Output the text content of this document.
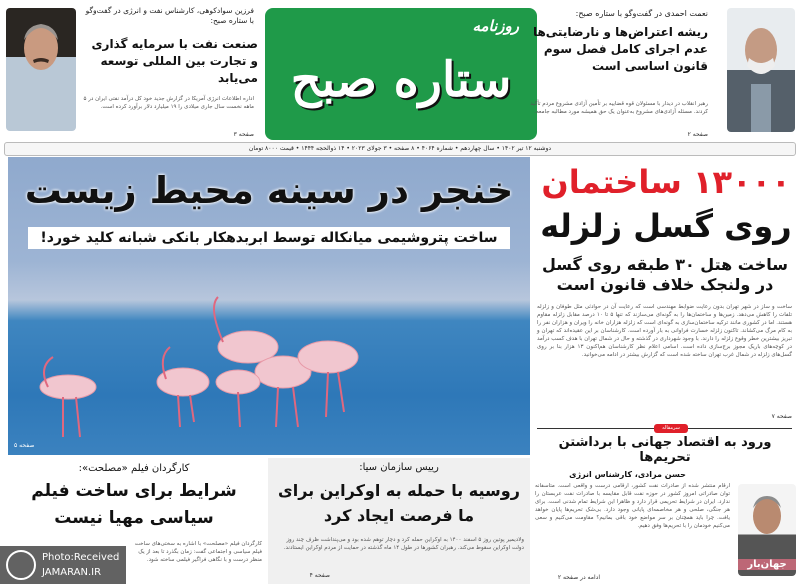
فرزین سوادکوهی، کارشناس نفت و انرژی در گفت‌وگو با ستاره صبح:
صنعت نفت با سرمایه گذاری و تجارت بین المللی توسعه می‌یابد
اداره اطلاعات انرژی آمریکا در گزارش جدید خود کل درآمد نفتی ایران در ۵ ماهه نخست سال جاری میلادی را ۱۹ میلیارد دلار برآورد کرده است.
صفحه ۳
روزنامه
ستاره صبح
نعمت احمدی در گفت‌وگو با ستاره صبح:
ریشه اعتراض‌ها و نارضایتی‌ها عدم اجرای کامل فصل سوم قانون اساسی است
رهبر انقلاب در دیدار با مسئولان قوه قضاییه بر تأمین آزادی مشروع مردم تأکید کردند. مسئله آزادی‌های مشروع به‌عنوان یک حق همیشه مورد مطالبه جامعه.
صفحه ۲
دوشنبه ۱۲ تیر ۱۴۰۲ • سال چهاردهم • شماره ۴۰۶۴ • ۸ صفحه • ۳ جولای ۲۰۲۳ • ۱۴ ذوالحجه ۱۴۴۴ • قیمت ۸۰۰۰ تومان
خنجر در سینه محیط زیست
ساخت پتروشیمی میانکاله توسط ابربدهکار بانکی شبانه کلید خورد!
صفحه ۵
۱۳۰۰۰ ساختمان
روی گسل زلزله
ساخت هتل ۳۰ طبقه روی گسل در ولنجک خلاف قانون است
ساخت و ساز در شهر تهران بدون رعایت ضوابط مهندسی است که رعایت آن در حوادثی مثل طوفان و زلزله تلفات را کاهش می‌دهد. زمین‌ها و ساختمان‌ها را به گونه‌ای می‌سازند که تنها ۵ تا ۱۰ درصد مقابل زلزله مقاوم هستند. اما در کشوری مانند ترکیه ساختمان‌سازی به گونه‌ای است که زلزله هزاران خانه را ویران و هزاران نفر را به کام مرگ می‌کشاند. تاکنون زلزله خسارت فراوانی به بار آورده است. کارشناسان بر این عقیده‌اند که تهران و تبریز بیشترین خطر وقوع زلزله را دارند. با وجود شهرداری در گذشته و حال در شمال تهران با هدف کسب درآمد در کوچه‌های باریک مجوز برج‌سازی داده است. اسامی اعلام نظر کارشناسان هم‌اکنون ۱۳ هزار بنا بر روی گسل‌های زلزله در شمال غرب تهران ساخته شده است که گزارش بیشتر در ادامه می‌خوانید.
صفحه ۷
سرمقاله
ورود به اقتصاد جهانی با برداشتن تحریم‌ها
حسن مرادی، کارشناس انرژی
ارقام منتشر شده از صادرات نفت کشور، ارقامی درست و واقعی است. متاسفانه توان صادراتی امروز کشور در حوزه نفت قابل مقایسه با صادرات نفت عربستان را ندارد. ایران در شرایط تحریمی قرار دارد و ظاهرا این شرایط تمام شدنی است. برای هر جنگی، صلحی و هر مخاصمه‌ای پایانی وجود دارد. بی‌شک تحریم‌ها پایان خواهد یافت. چرا باید همچنان بر سر مواضع خود باقی بمانیم؟ مقاومت می‌کنیم و سعی می‌کنیم خودمان را با تحریم‌ها وفق دهیم.
ادامه در صفحه ۲
جهان‌بار
رییس سازمان سیا:
روسیه با حمله به اوکراین برای ما فرصت ایجاد کرد
ولادیمیر پوتین روز ۵ اسفند ۱۴۰۰ به اوکراین حمله کرد و دچار توهم شده بود و می‌پنداشت ظرف چند روز دولت اوکراین سقوط می‌کند. رهبران کشورها در طول ۱۴ ماه گذشته در حمایت از مردم اوکراین ایستادند.
صفحه ۴
کارگردان فیلم «مصلحت»:
شرایط برای ساخت فیلم سیاسی مهیا نیست
کارگردان فیلم «مصلحت» با اشاره به سختی‌های ساخت فیلم سیاسی و اجتماعی گفت: زمان بگذرد تا بعد از یک منظر درست و با نگاهی فراگیر فیلمی ساخته شود.
Photo:Received
JAMARAN.IR
